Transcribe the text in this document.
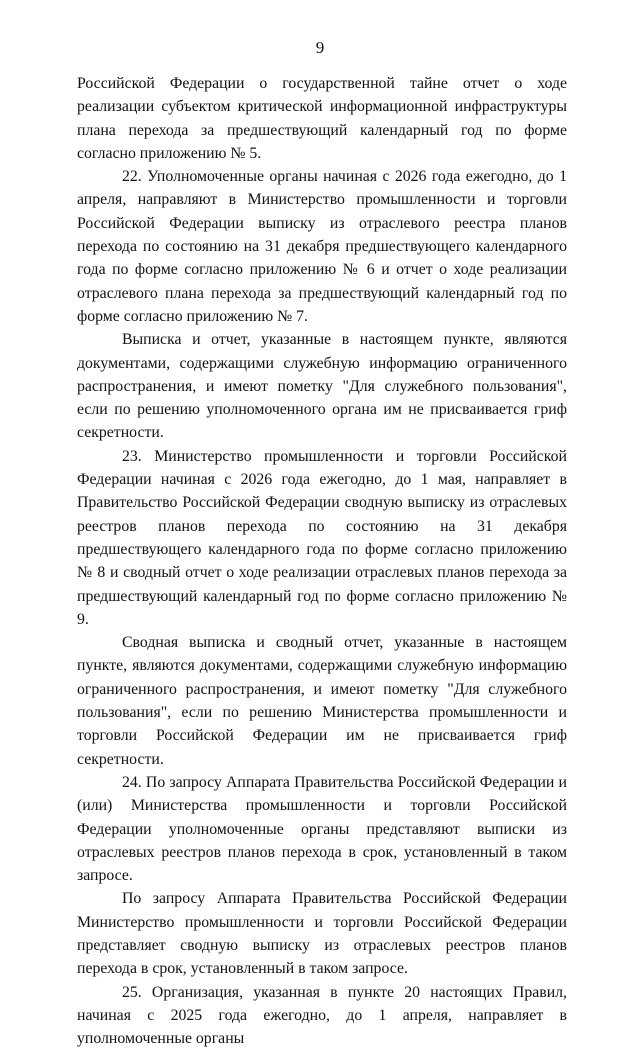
9

Российской Федерации о государственной тайне отчет о ходе реализации субъектом критической информационной инфраструктуры плана перехода за предшествующий календарный год по форме согласно приложению № 5.

22. Уполномоченные органы начиная с 2026 года ежегодно, до 1 апреля, направляют в Министерство промышленности и торговли Российской Федерации выписку из отраслевого реестра планов перехода по состоянию на 31 декабря предшествующего календарного года по форме согласно приложению № 6 и отчет о ходе реализации отраслевого плана перехода за предшествующий календарный год по форме согласно приложению № 7.

Выписка и отчет, указанные в настоящем пункте, являются документами, содержащими служебную информацию ограниченного распространения, и имеют пометку "Для служебного пользования", если по решению уполномоченного органа им не присваивается гриф секретности.

23. Министерство промышленности и торговли Российской Федерации начиная с 2026 года ежегодно, до 1 мая, направляет в Правительство Российской Федерации сводную выписку из отраслевых реестров планов перехода по состоянию на 31 декабря предшествующего календарного года по форме согласно приложению № 8 и сводный отчет о ходе реализации отраслевых планов перехода за предшествующий календарный год по форме согласно приложению № 9.

Сводная выписка и сводный отчет, указанные в настоящем пункте, являются документами, содержащими служебную информацию ограниченного распространения, и имеют пометку "Для служебного пользования", если по решению Министерства промышленности и торговли Российской Федерации им не присваивается гриф секретности.

24. По запросу Аппарата Правительства Российской Федерации и (или) Министерства промышленности и торговли Российской Федерации уполномоченные органы представляют выписки из отраслевых реестров планов перехода в срок, установленный в таком запросе.

По запросу Аппарата Правительства Российской Федерации Министерство промышленности и торговли Российской Федерации представляет сводную выписку из отраслевых реестров планов перехода в срок, установленный в таком запросе.

25. Организация, указанная в пункте 20 настоящих Правил, начиная с 2025 года ежегодно, до 1 апреля, направляет в уполномоченные органы
